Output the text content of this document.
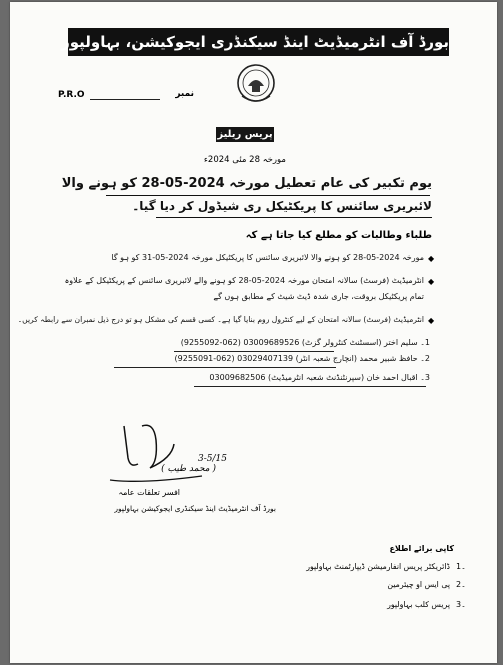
بورڈ آف انٹرمیڈیٹ اینڈ سیکنڈری ایجوکیشن، بہاولپور
P.R.O	نمبر
پریس ریلیز
مورخہ 28 مئی 2024ء
یوم تکبیر کی عام تعطیل مورخہ 2024-05-28 کو ہونے والا
لائبریری سائنس کا پریکٹیکل ری شیڈول کر دیا گیا۔
طلباء وطالبات کو مطلع کیا جاتا ہے کہ
◆
مورخہ 2024-05-28 کو ہونے والا لائبریری سائنس کا پریکٹیکل مورخہ 2024-05-31 کو ہو گا
◆
انٹرمیڈیٹ (فرسٹ) سالانہ امتحان مورخہ 2024-05-28 کو ہونے والے لائبریری سائنس کے پریکٹیکل کے علاوہ
تمام پریکٹیکل بروقت، جاری شدہ ڈیٹ شیٹ کے مطابق ہوں گے
◆
انٹرمیڈیٹ (فرسٹ) سالانہ امتحان کے لیے کنٹرول روم بنایا گیا ہے۔ کسی قسم کی مشکل ہو تو درج ذیل نمبران سے رابطہ کریں۔
1۔ سلیم اختر (اسسٹنٹ کنٹرولر گزٹ) 03009689526 (062-9255092)
2۔ حافظ شبیر محمد (انچارج شعبہ انٹر) 03029407139 (062-9255091)
3۔ اقبال احمد خان (سپرنٹنڈنٹ شعبہ انٹرمیڈیٹ) 03009682506
3-5/15
( محمد طیب )
افسر تعلقات عامہ
بورڈ آف انٹرمیڈیٹ اینڈ سیکنڈری ایجوکیشن بہاولپور
کاپی برائے اطلاع
1۔
ڈائریکٹر پریس انفارمیشن ڈیپارٹمنٹ بہاولپور
2۔
پی ایس او چیئرمین
3۔
پریس کلب بہاولپور
